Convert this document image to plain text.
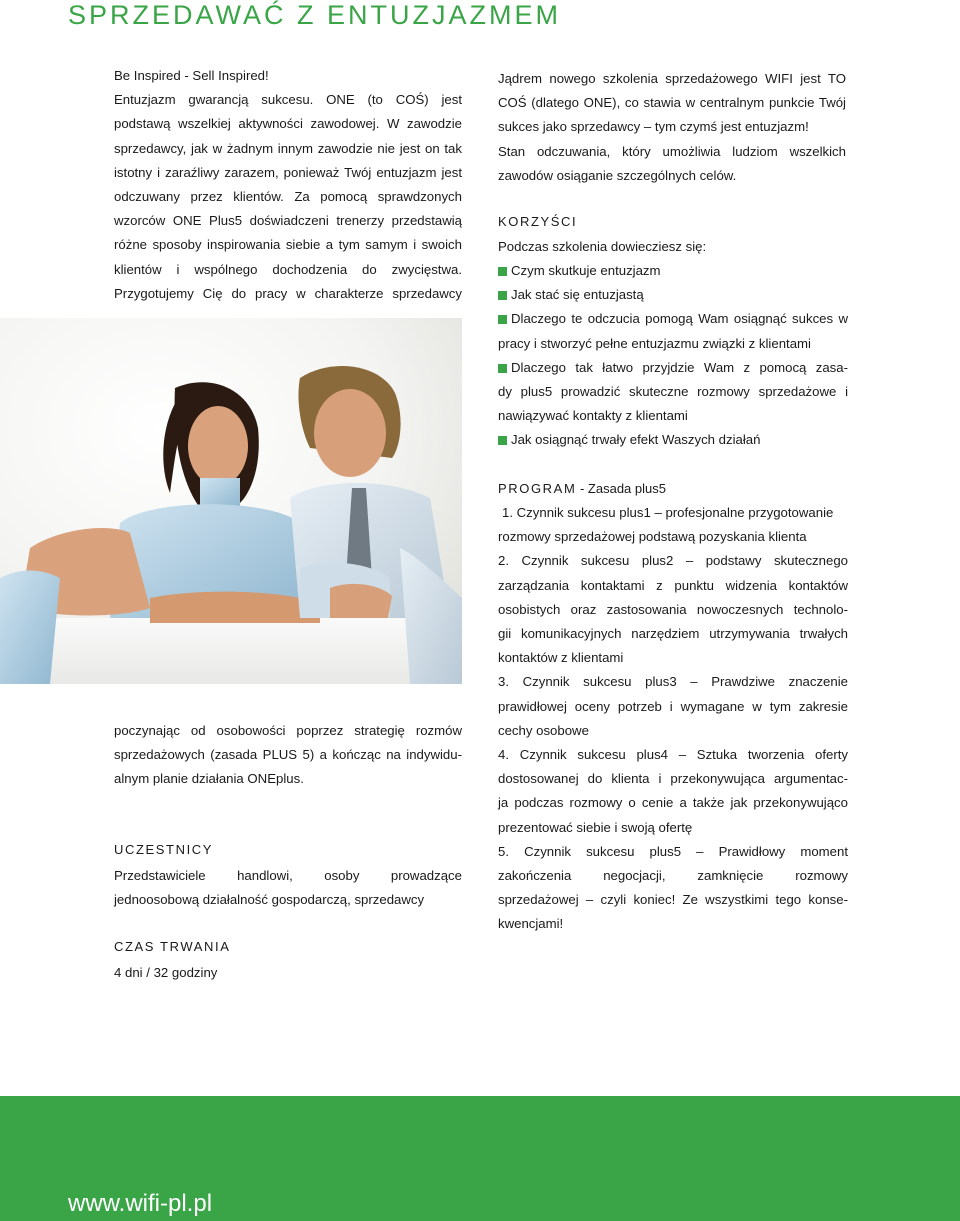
SPRZEDAWAĆ Z ENTUZJAZMEM

Be Inspired - Sell Inspired!
Entuzjazm gwarancją sukcesu. ONE (to COŚ) jest
podstawą wszelkiej aktywności zawodowej. W zawodzie
sprzedawcy, jak w żadnym innym zawodzie nie jest on tak
istotny i zaraźliwy zarazem, ponieważ Twój entuzjazm jest
odczuwany przez klientów. Za pomocą sprawdzonych
wzorców ONE Plus5 doświadczeni trenerzy przedstawią
różne sposoby inspirowania siebie a tym samym i swoich
klientów i wspólnego dochodzenia do zwycięstwa.
Przygotujemy Cię do pracy w charakterze sprzedawcy

poczynając od osobowości poprzez strategię rozmów
sprzedażowych (zasada PLUS 5) a kończąc na indywidu-
alnym planie działania ONEplus.

UCZESTNICY

Przedstawiciele handlowi, osoby prowadzące
jednoosobową działalność gospodarczą, sprzedawcy

CZAS TRWANIA

4 dni / 32 godziny

Jądrem nowego szkolenia sprzedażowego WIFI jest TO
COŚ (dlatego ONE), co stawia w centralnym punkcie Twój
sukces jako sprzedawcy – tym czymś jest entuzjazm!
Stan odczuwania, który umożliwia ludziom wszelkich
zawodów osiąganie szczególnych celów.

KORZYŚCI

Podczas szkolenia dowiecziesz się:

Czym skutkuje entuzjazm
Jak stać się entuzjastą
Dlaczego te odczucia pomogą Wam osiągnąć sukces w
pracy i stworzyć pełne entuzjazmu związki z klientami
Dlaczego tak łatwo przyjdzie Wam z pomocą zasa-
dy plus5 prowadzić skuteczne rozmowy sprzedażowe i
nawiązywać kontakty z klientami
Jak osiągnąć trwały efekt Waszych działań
PROGRAM - Zasada plus5
1. Czynnik sukcesu plus1 – profesjonalne przygotowanie
rozmowy sprzedażowej podstawą pozyskania klienta
2. Czynnik sukcesu plus2 – podstawy skutecznego
zarządzania kontaktami z punktu widzenia kontaktów
osobistych oraz zastosowania nowoczesnych technolo-
gii komunikacyjnych narzędziem utrzymywania trwałych
kontaktów z klientami
3. Czynnik sukcesu plus3 – Prawdziwe znaczenie
prawidłowej oceny potrzeb i wymagane w tym zakresie
cechy osobowe
4. Czynnik sukcesu plus4 – Sztuka tworzenia oferty
dostosowanej do klienta i przekonywująca argumentac-
ja podczas rozmowy o cenie a także jak przekonywująco
prezentować siebie i swoją ofertę
5. Czynnik sukcesu plus5 – Prawidłowy moment
zakończenia negocjacji, zamknięcie rozmowy
sprzedażowej – czyli koniec! Ze wszystkimi tego konse-
kwencjami!
www.wifi-pl.pl
